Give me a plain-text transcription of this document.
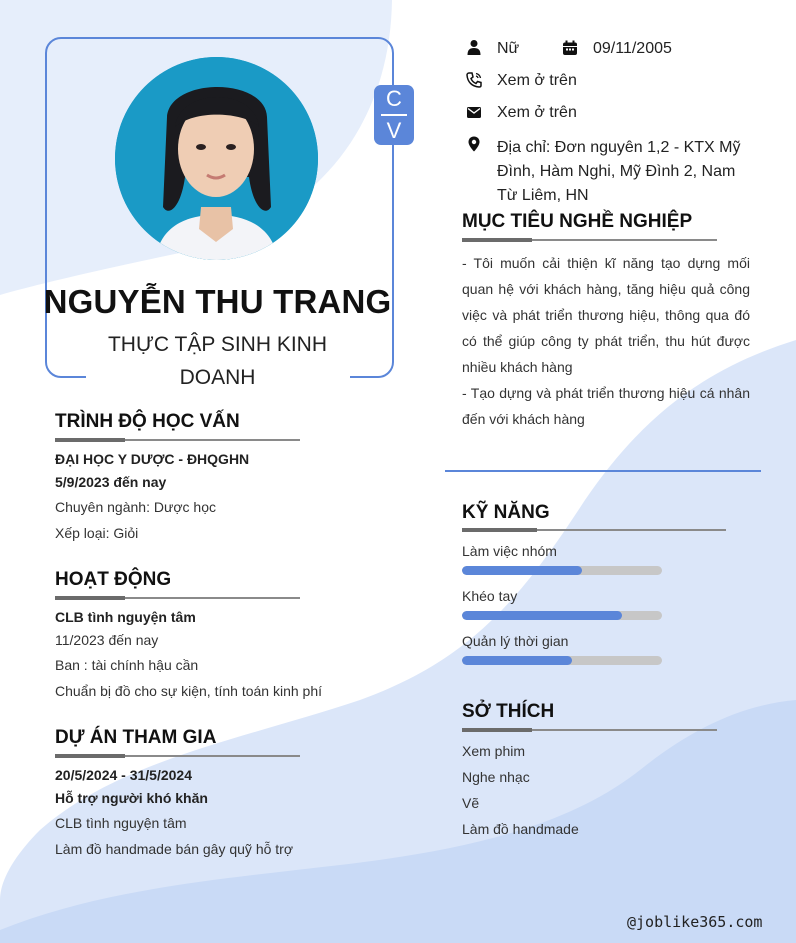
C
V
NGUYỄN THU TRANG
THỰC TẬP SINH KINH DOANH
Nữ	09/11/2005
Xem ở trên
Xem ở trên
Địa chỉ: Đơn nguyên 1,2 - KTX Mỹ
Đình, Hàm Nghi, Mỹ Đình 2, Nam
Từ Liêm, HN
MỤC TIÊU NGHỀ NGHIỆP

- Tôi muốn cải thiện kĩ năng tạo dựng mối quan hệ với khách hàng, tăng hiệu quả công việc và phát triển thương hiệu, thông qua đó có thể giúp công ty phát triển, thu hút được nhiều khách hàng

- Tạo dựng và phát triển thương hiệu cá nhân đến với khách hàng

TRÌNH ĐỘ HỌC VẤN
ĐẠI HỌC Y DƯỢC - ĐHQGHN
5/9/2023 đến nay
Chuyên ngành: Dược học
Xếp loại: Giỏi
HOẠT ĐỘNG
CLB tình nguyện tâm
11/2023 đến nay
Ban : tài chính hậu cần
Chuẩn bị đồ cho sự kiện, tính toán kinh phí
DỰ ÁN THAM GIA
20/5/2024 - 31/5/2024
Hỗ trợ người khó khăn
CLB tình nguyện tâm
Làm đồ handmade bán gây quỹ hỗ trợ
KỸ NĂNG
Làm việc nhóm
Khéo tay
Quản lý thời gian
SỞ THÍCH
Xem phim
Nghe nhạc
Vẽ
Làm đồ handmade
@joblike365.com
